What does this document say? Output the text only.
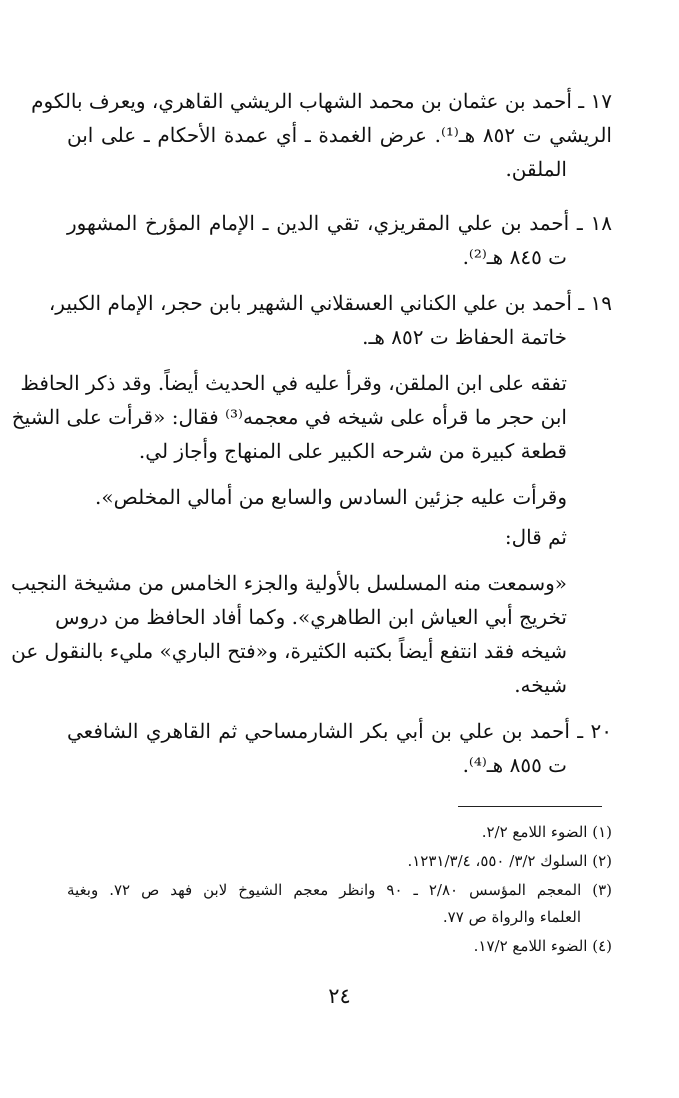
١٧ ـ أحمد بن عثمان بن محمد الشهاب الريشي القاهري، ويعرف بالكوم
الريشي ت ٨٥٢ هـ⁽¹⁾. عرض الغمدة ـ أي عمدة الأحكام ـ على ابن
الملقن.
١٨ ـ أحمد بن علي المقريزي، تقي الدين ـ الإمام المؤرخ المشهور
ت ٨٤٥ هـ⁽²⁾.
١٩ ـ أحمد بن علي الكناني العسقلاني الشهير بابن حجر، الإمام الكبير،
خاتمة الحفاظ ت ٨٥٢ هـ.
تفقه على ابن الملقن، وقرأ عليه في الحديث أيضاً. وقد ذكر الحافظ
ابن حجر ما قرأه على شيخه في معجمه⁽³⁾ فقال: «قرأت على الشيخ
قطعة كبيرة من شرحه الكبير على المنهاج وأجاز لي.
وقرأت عليه جزئين السادس والسابع من أمالي المخلص».
ثم قال:
«وسمعت منه المسلسل بالأولية والجزء الخامس من مشيخة النجيب
تخريج أبي العياش ابن الطاهري». وكما أفاد الحافظ من دروس
شيخه فقد انتفع أيضاً بكتبه الكثيرة، و«فتح الباري» مليء بالنقول عن
شيخه.
٢٠ ـ أحمد بن علي بن أبي بكر الشارمساحي ثم القاهري الشافعي
ت ٨٥٥ هـ⁽⁴⁾.
(١) الضوء اللامع ٢/٢.
(٢) السلوك ٣/٢/ ٥٥٠، ١٢٣١/٣/٤.
(٣) المعجم المؤسس ٢/٨٠ ـ ٩٠ وانظر معجم الشيوخ لابن فهد ص ٧٢. وبغية
العلماء والرواة ص ٧٧.
(٤) الضوء اللامع ١٧/٢.
٢٤
